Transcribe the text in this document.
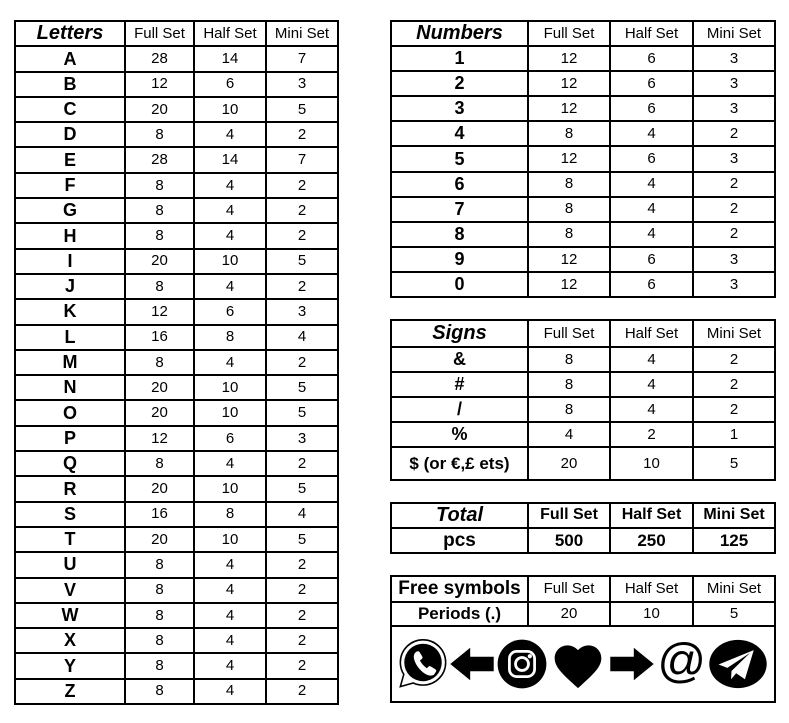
Letters	Full Set	Half Set	Mini Set
A	28	14	7
B	12	6	3
C	20	10	5
D	8	4	2
E	28	14	7
F	8	4	2
G	8	4	2
H	8	4	2
I	20	10	5
J	8	4	2
K	12	6	3
L	16	8	4
M	8	4	2
N	20	10	5
O	20	10	5
P	12	6	3
Q	8	4	2
R	20	10	5
S	16	8	4
T	20	10	5
U	8	4	2
V	8	4	2
W	8	4	2
X	8	4	2
Y	8	4	2
Z	8	4	2
Numbers	Full Set	Half Set	Mini Set
1	12	6	3
2	12	6	3
3	12	6	3
4	8	4	2
5	12	6	3
6	8	4	2
7	8	4	2
8	8	4	2
9	12	6	3
0	12	6	3
Signs	Full Set	Half Set	Mini Set
&	8	4	2
#	8	4	2
/	8	4	2
%	4	2	1
$ (or €,£ ets)	20	10	5
Total	Full Set	Half Set	Mini Set
pcs	500	250	125
Free symbols	Full Set	Half Set	Mini Set
Periods (.)	20	10	5

@			
